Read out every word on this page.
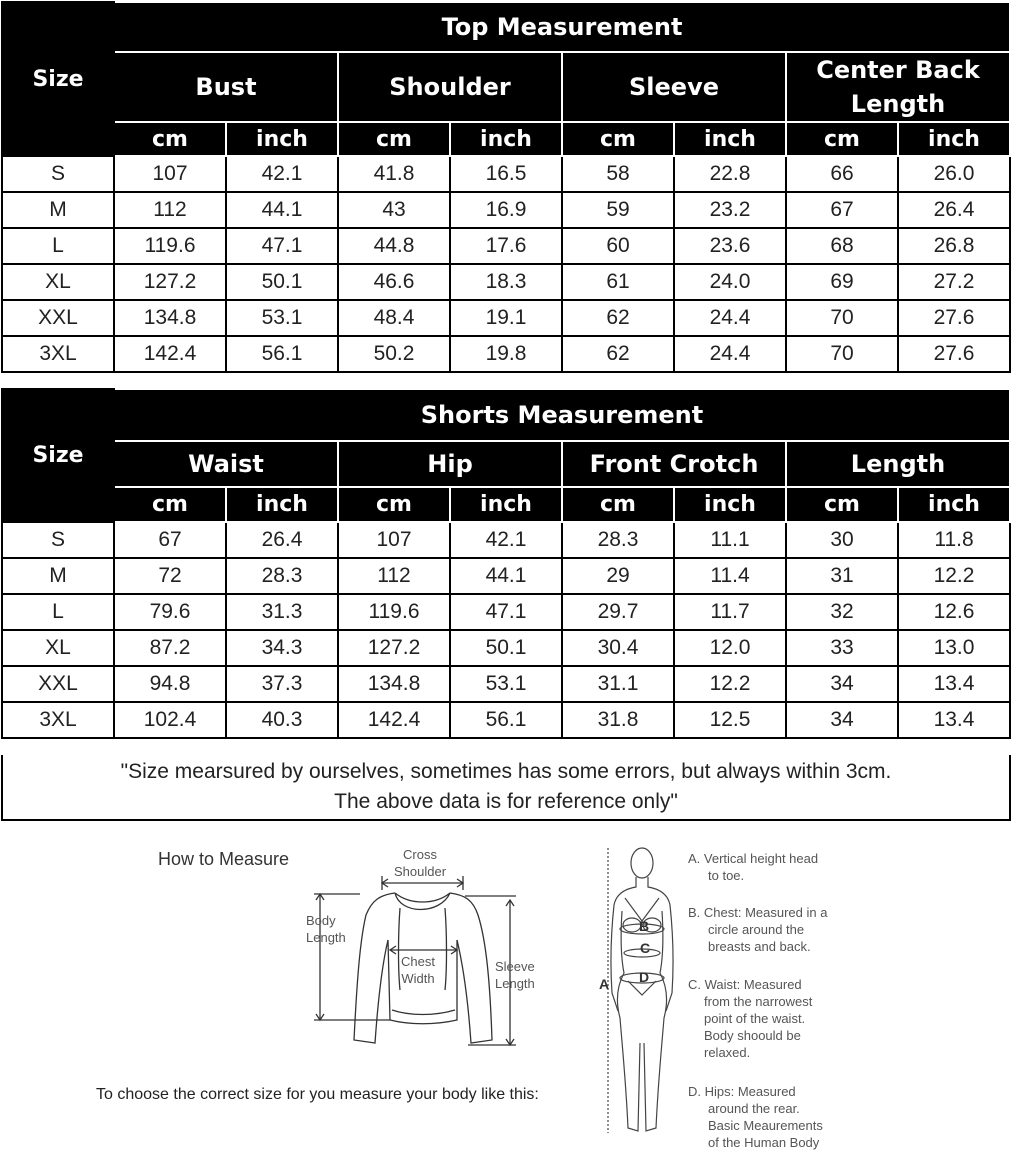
Size	Top Measurement							
	Bust		Shoulder		Sleeve		Center Back Length	
	cm	inch	cm	inch	cm	inch	cm	inch
S	107	42.1	41.8	16.5	58	22.8	66	26.0
M	112	44.1	43	16.9	59	23.2	67	26.4
L	119.6	47.1	44.8	17.6	60	23.6	68	26.8
XL	127.2	50.1	46.6	18.3	61	24.0	69	27.2
XXL	134.8	53.1	48.4	19.1	62	24.4	70	27.6
3XL	142.4	56.1	50.2	19.8	62	24.4	70	27.6
Size	Shorts Measurement							
	Waist		Hip		Front Crotch		Length	
	cm	inch	cm	inch	cm	inch	cm	inch
S	67	26.4	107	42.1	28.3	11.1	30	11.8
M	72	28.3	112	44.1	29	11.4	31	12.2
L	79.6	31.3	119.6	47.1	29.7	11.7	32	12.6
XL	87.2	34.3	127.2	50.1	30.4	12.0	33	13.0
XXL	94.8	37.3	134.8	53.1	31.1	12.2	34	13.4
3XL	102.4	40.3	142.4	56.1	31.8	12.5	34	13.4
"Size mearsured by ourselves, sometimes has some errors, but always within 3cm.
The above data is for reference only"
How to Measure	Cross
Shoulder
Body
Length
Chest
Width
Sleeve
Length
To choose the correct size for you measure your body like this:
B
C
D
A
A. Vertical height head
to toe.
B. Chest: Measured in a
circle around the
breasts and back.
C. Waist: Measured
from the narrowest
point of the waist.
Body shoould be
relaxed.
D. Hips: Measured
around the rear.
Basic Meaurements
of the Human Body
